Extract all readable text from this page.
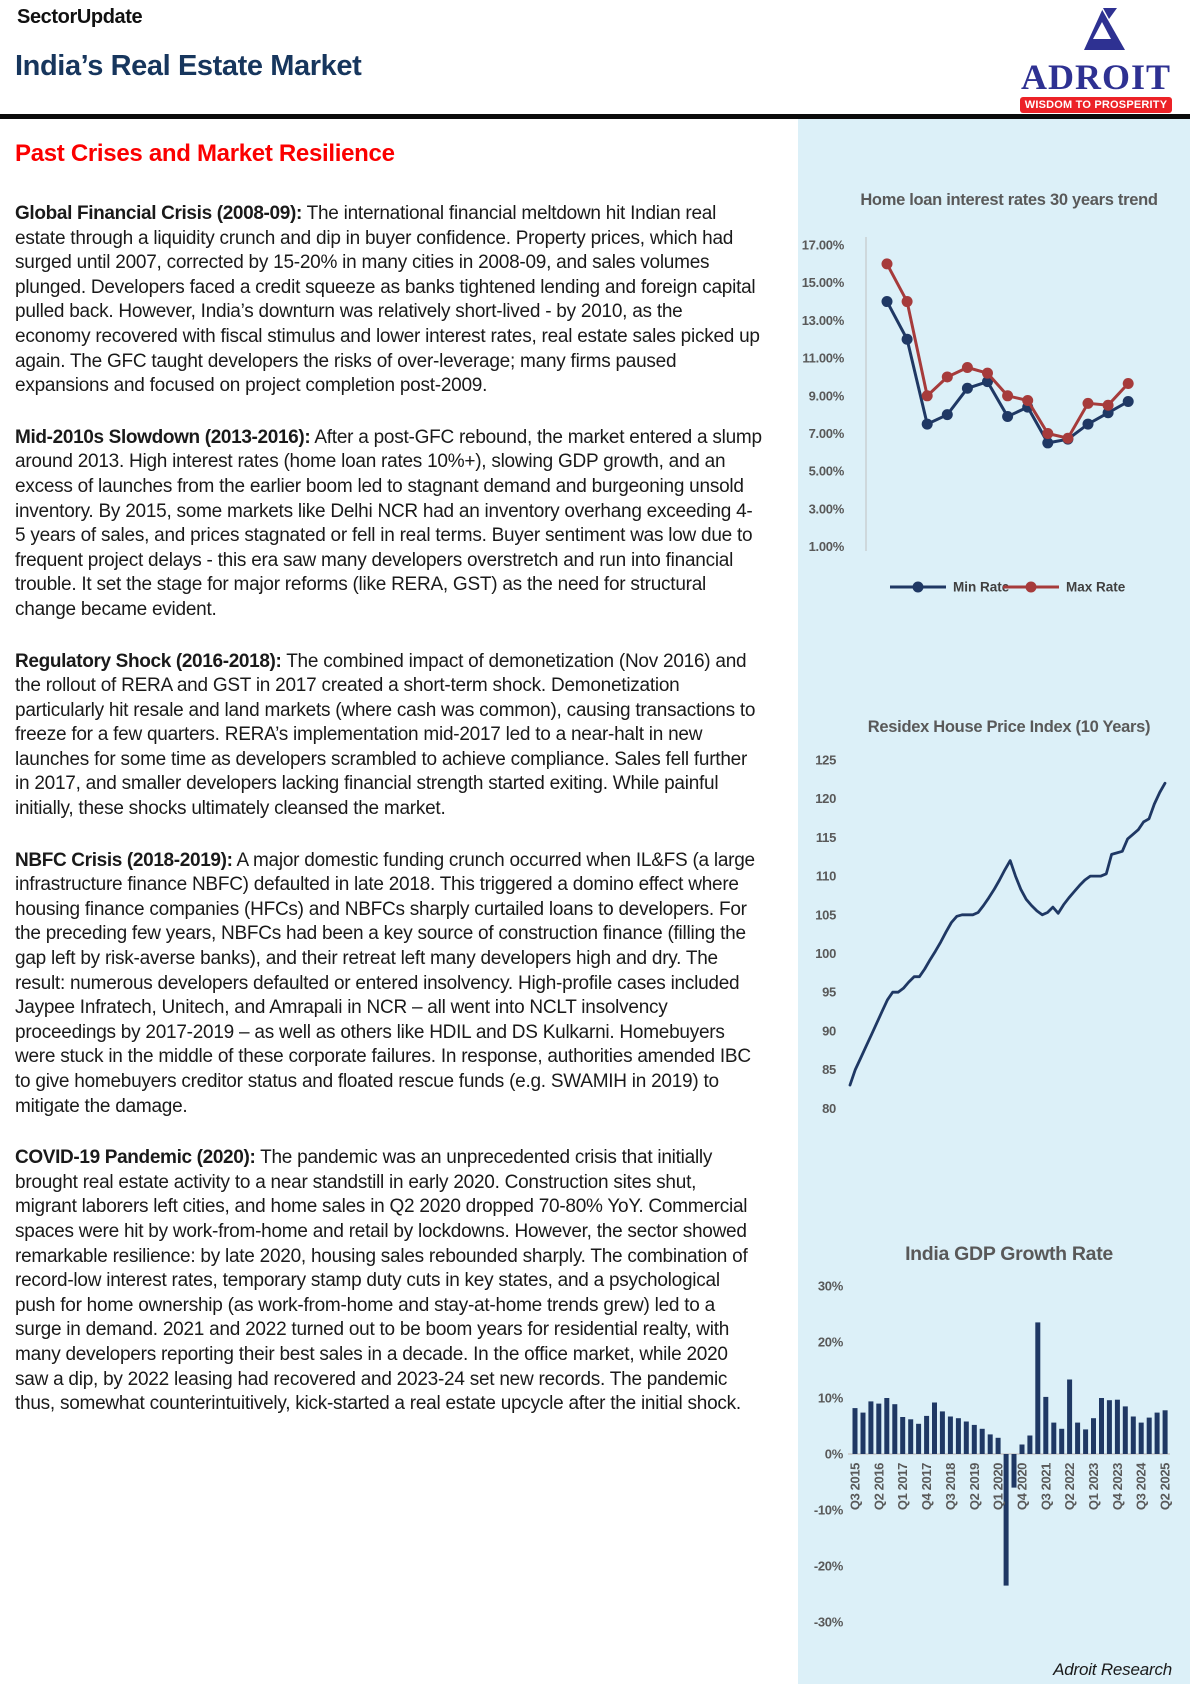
SectorUpdate
India’s Real Estate Market	ADROIT
WISDOM TO PROSPERITY
Past Crises and Market Resilience

Global Financial Crisis (2008-09): The international financial meltdown hit Indian real estate through a liquidity crunch and dip in buyer confidence. Property prices, which had surged until 2007, corrected by 15-20% in many cities in 2008-09, and sales volumes plunged. Developers faced a credit squeeze as banks tightened lending and foreign capital pulled back. However, India’s downturn was relatively short-lived - by 2010, as the economy recovered with fiscal stimulus and lower interest rates, real estate sales picked up again. The GFC taught developers the risks of over-leverage; many firms paused expansions and focused on project completion post-2009.

Mid-2010s Slowdown (2013-2016): After a post-GFC rebound, the market entered a slump around 2013. High interest rates (home loan rates 10%+), slowing GDP growth, and an excess of launches from the earlier boom led to stagnant demand and burgeoning unsold inventory. By 2015, some markets like Delhi NCR had an inventory overhang exceeding 4-5 years of sales, and prices stagnated or fell in real terms. Buyer sentiment was low due to frequent project delays - this era saw many developers overstretch and run into financial trouble. It set the stage for major reforms (like RERA, GST) as the need for structural change became evident.

Regulatory Shock (2016-2018): The combined impact of demonetization (Nov 2016) and the rollout of RERA and GST in 2017 created a short-term shock. Demonetization particularly hit resale and land markets (where cash was common), causing transactions to freeze for a few quarters. RERA’s implementation mid-2017 led to a near-halt in new launches for some time as developers scrambled to achieve compliance. Sales fell further in 2017, and smaller developers lacking financial strength started exiting. While painful initially, these shocks ultimately cleansed the market.

NBFC Crisis (2018-2019): A major domestic funding crunch occurred when IL&FS (a large infrastructure finance NBFC) defaulted in late 2018. This triggered a domino effect where housing finance companies (HFCs) and NBFCs sharply curtailed loans to developers. For the preceding few years, NBFCs had been a key source of construction finance (filling the gap left by risk-averse banks), and their retreat left many developers high and dry. The result: numerous developers defaulted or entered insolvency. High-profile cases included Jaypee Infratech, Unitech, and Amrapali in NCR – all went into NCLT insolvency proceedings by 2017-2019 – as well as others like HDIL and DS Kulkarni. Homebuyers were stuck in the middle of these corporate failures. In response, authorities amended IBC to give homebuyers creditor status and floated rescue funds (e.g. SWAMIH in 2019) to mitigate the damage.

COVID-19 Pandemic (2020): The pandemic was an unprecedented crisis that initially brought real estate activity to a near standstill in early 2020. Construction sites shut, migrant laborers left cities, and home sales in Q2 2020 dropped 70-80% YoY. Commercial spaces were hit by work-from-home and retail by lockdowns. However, the sector showed remarkable resilience: by late 2020, housing sales rebounded sharply. The combination of record-low interest rates, temporary stamp duty cuts in key states, and a psychological push for home ownership (as work-from-home and stay-at-home trends grew) led to a surge in demand. 2021 and 2022 turned out to be boom years for residential realty, with many developers reporting their best sales in a decade. In the office market, while 2020 saw a dip, by 2022 leasing had recovered and 2023-24 set new records. The pandemic thus, somewhat counterintuitively, kick-started a real estate upcycle after the initial shock.

Home loan interest rates 30 years trend
17.00%
15.00%
13.00%
11.00%
9.00%
7.00%
5.00%
3.00%
1.00%
Min Rate	Max Rate
Residex House Price Index (10 Years)
125
120
115
110
105
100
95
90
85
80
India GDP Growth Rate
30%
20%
10%
0%
-10%
-20%
-30%
Q3 2015 Q2 2016 Q1 2017 Q4 2017 Q3 2018 Q2 2019 Q1 2020 Q4 2020 Q3 2021 Q2 2022 Q1 2023 Q4 2023 Q3 2024 Q2 2025
Adroit Research
